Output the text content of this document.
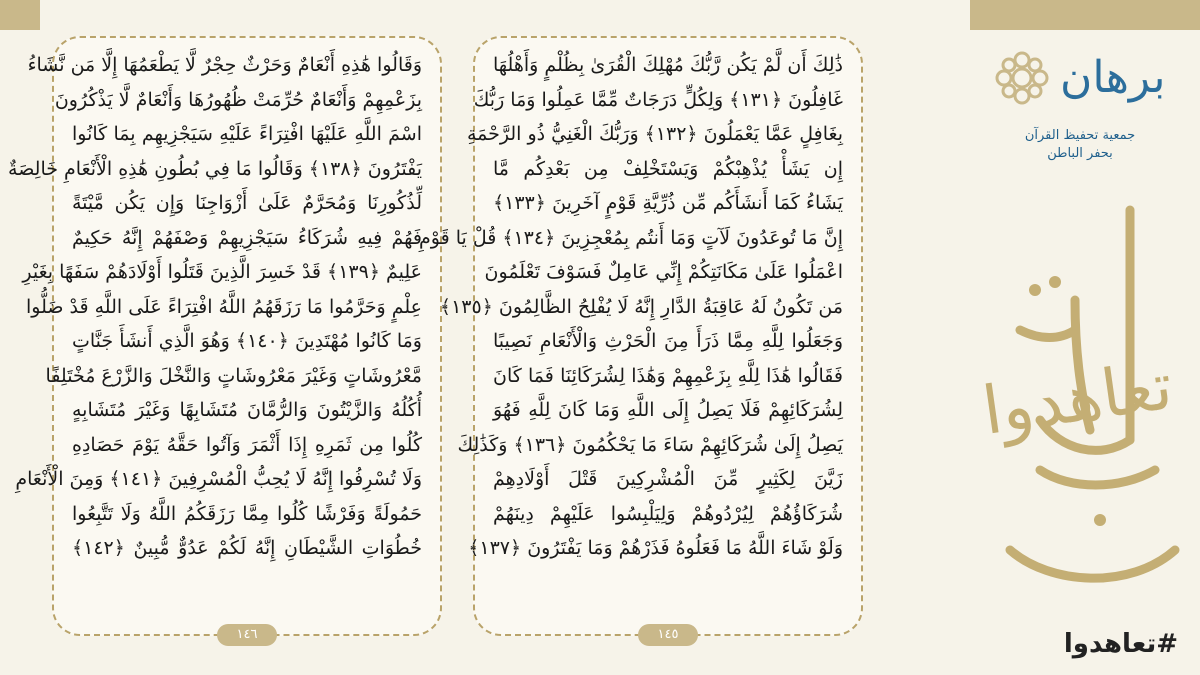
وَقَالُوا هَٰذِهِ أَنْعَامٌ وَحَرْثٌ حِجْرٌ لَّا يَطْعَمُهَا إِلَّا مَن نَّشَاءُ
بِزَعْمِهِمْ وَأَنْعَامٌ حُرِّمَتْ ظُهُورُهَا وَأَنْعَامٌ لَّا يَذْكُرُونَ
اسْمَ اللَّهِ عَلَيْهَا افْتِرَاءً عَلَيْهِ سَيَجْزِيهِم بِمَا كَانُوا
يَفْتَرُونَ ﴿١٣٨﴾ وَقَالُوا مَا فِي بُطُونِ هَٰذِهِ الْأَنْعَامِ خَالِصَةٌ
لِّذُكُورِنَا وَمُحَرَّمٌ عَلَىٰ أَزْوَاجِنَا وَإِن يَكُن مَّيْتَةً
فَهُمْ فِيهِ شُرَكَاءُ سَيَجْزِيهِمْ وَصْفَهُمْ إِنَّهُ حَكِيمٌ
عَلِيمٌ ﴿١٣٩﴾ قَدْ خَسِرَ الَّذِينَ قَتَلُوا أَوْلَادَهُمْ سَفَهًا بِغَيْرِ
عِلْمٍ وَحَرَّمُوا مَا رَزَقَهُمُ اللَّهُ افْتِرَاءً عَلَى اللَّهِ قَدْ ضَلُّوا
وَمَا كَانُوا مُهْتَدِينَ ﴿١٤٠﴾ وَهُوَ الَّذِي أَنشَأَ جَنَّاتٍ
مَّعْرُوشَاتٍ وَغَيْرَ مَعْرُوشَاتٍ وَالنَّخْلَ وَالزَّرْعَ مُخْتَلِفًا
أُكُلُهُ وَالزَّيْتُونَ وَالرُّمَّانَ مُتَشَابِهًا وَغَيْرَ مُتَشَابِهٍ
كُلُوا مِن ثَمَرِهِ إِذَا أَثْمَرَ وَآتُوا حَقَّهُ يَوْمَ حَصَادِهِ
وَلَا تُسْرِفُوا إِنَّهُ لَا يُحِبُّ الْمُسْرِفِينَ ﴿١٤١﴾ وَمِنَ الْأَنْعَامِ
حَمُولَةً وَفَرْشًا كُلُوا مِمَّا رَزَقَكُمُ اللَّهُ وَلَا تَتَّبِعُوا
خُطُوَاتِ الشَّيْطَانِ إِنَّهُ لَكُمْ عَدُوٌّ مُّبِينٌ ﴿١٤٢﴾
١٤٦
ذَٰلِكَ أَن لَّمْ يَكُن رَّبُّكَ مُهْلِكَ الْقُرَىٰ بِظُلْمٍ وَأَهْلُهَا
غَافِلُونَ ﴿١٣١﴾ وَلِكُلٍّ دَرَجَاتٌ مِّمَّا عَمِلُوا وَمَا رَبُّكَ
بِغَافِلٍ عَمَّا يَعْمَلُونَ ﴿١٣٢﴾ وَرَبُّكَ الْغَنِيُّ ذُو الرَّحْمَةِ
إِن يَشَأْ يُذْهِبْكُمْ وَيَسْتَخْلِفْ مِن بَعْدِكُم مَّا
يَشَاءُ كَمَا أَنشَأَكُم مِّن ذُرِّيَّةِ قَوْمٍ آخَرِينَ ﴿١٣٣﴾
إِنَّ مَا تُوعَدُونَ لَآتٍ وَمَا أَنتُم بِمُعْجِزِينَ ﴿١٣٤﴾ قُلْ يَا قَوْمِ
اعْمَلُوا عَلَىٰ مَكَانَتِكُمْ إِنِّي عَامِلٌ فَسَوْفَ تَعْلَمُونَ
مَن تَكُونُ لَهُ عَاقِبَةُ الدَّارِ إِنَّهُ لَا يُفْلِحُ الظَّالِمُونَ ﴿١٣٥﴾
وَجَعَلُوا لِلَّهِ مِمَّا ذَرَأَ مِنَ الْحَرْثِ وَالْأَنْعَامِ نَصِيبًا
فَقَالُوا هَٰذَا لِلَّهِ بِزَعْمِهِمْ وَهَٰذَا لِشُرَكَائِنَا فَمَا كَانَ
لِشُرَكَائِهِمْ فَلَا يَصِلُ إِلَى اللَّهِ وَمَا كَانَ لِلَّهِ فَهُوَ
يَصِلُ إِلَىٰ شُرَكَائِهِمْ سَاءَ مَا يَحْكُمُونَ ﴿١٣٦﴾ وَكَذَٰلِكَ
زَيَّنَ لِكَثِيرٍ مِّنَ الْمُشْرِكِينَ قَتْلَ أَوْلَادِهِمْ
شُرَكَاؤُهُمْ لِيُرْدُوهُمْ وَلِيَلْبِسُوا عَلَيْهِمْ دِينَهُمْ
وَلَوْ شَاءَ اللَّهُ مَا فَعَلُوهُ فَذَرْهُمْ وَمَا يَفْتَرُونَ ﴿١٣٧﴾
١٤٥
برهان
جمعية تحفيظ القرآن
بحفر الباطن
تعاهدوا
#تعاهدوا
